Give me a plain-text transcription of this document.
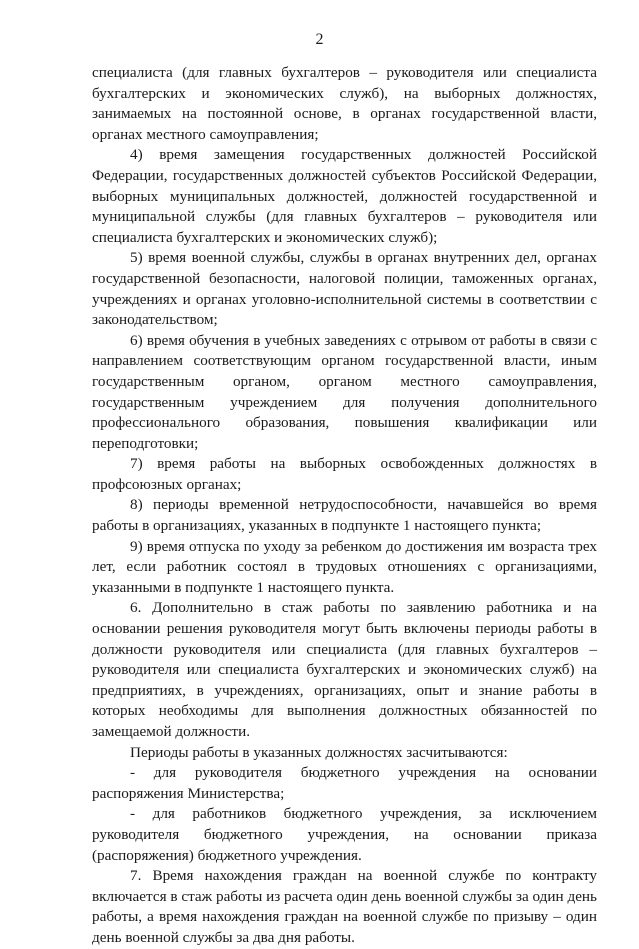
2

специалиста (для главных бухгалтеров – руководителя или специалиста бухгалтерских и экономических служб), на выборных должностях, занимаемых на постоянной основе, в органах государственной власти, органах местного самоуправления;

4) время замещения государственных должностей Российской Федерации, государственных должностей субъектов Российской Федерации, выборных муниципальных должностей, должностей государственной и муниципальной службы (для главных бухгалтеров – руководителя или специалиста бухгалтерских и экономических служб);

5) время военной службы, службы в органах внутренних дел, органах государственной безопасности, налоговой полиции, таможенных органах, учреждениях и органах уголовно-исполнительной системы в соответствии с законодательством;

6) время обучения в учебных заведениях с отрывом от работы в связи с направлением соответствующим органом государственной власти, иным государственным органом, органом местного самоуправления, государственным учреждением для получения дополнительного профессионального образования, повышения квалификации или переподготовки;

7) время работы на выборных освобожденных должностях в профсоюзных органах;

8) периоды временной нетрудоспособности, начавшейся во время работы в организациях, указанных в подпункте 1 настоящего пункта;

9) время отпуска по уходу за ребенком до достижения им возраста трех лет, если работник состоял в трудовых отношениях с организациями, указанными в подпункте 1 настоящего пункта.

6. Дополнительно в стаж работы по заявлению работника и на основании решения руководителя могут быть включены периоды работы в должности руководителя или специалиста (для главных бухгалтеров – руководителя или специалиста бухгалтерских и экономических служб) на предприятиях, в учреждениях, организациях, опыт и знание работы в которых необходимы для выполнения должностных обязанностей по замещаемой должности.

Периоды работы в указанных должностях засчитываются:

- для руководителя бюджетного учреждения на основании распоряжения Министерства;

- для работников бюджетного учреждения, за исключением руководителя бюджетного учреждения, на основании приказа (распоряжения) бюджетного учреждения.

7. Время нахождения граждан на военной службе по контракту включается в стаж работы из расчета один день военной службы за один день работы, а время нахождения граждан на военной службе по призыву – один день военной службы за два дня работы.
